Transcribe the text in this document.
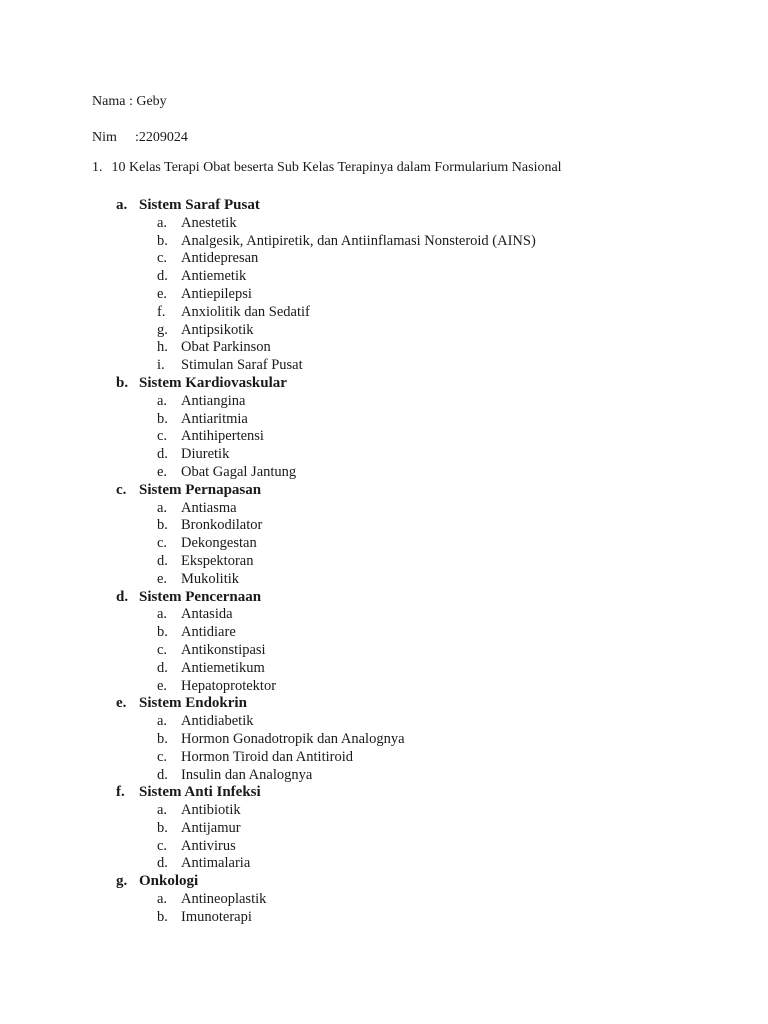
Nama : Geby
Nim :2209024
1. 10 Kelas Terapi Obat beserta Sub Kelas Terapinya dalam Formularium Nasional
a. Sistem Saraf Pusat
a. Anestetik
b. Analgesik, Antipiretik, dan Antiinflamasi Nonsteroid (AINS)
c. Antidepresan
d. Antiemetik
e. Antiepilepsi
f.	Anxiolitik dan Sedatif
g. Antipsikotik
h. Obat Parkinson
i.	Stimulan Saraf Pusat
b. Sistem Kardiovaskular
a. Antiangina
b. Antiaritmia
c. Antihipertensi
d. Diuretik
e. Obat Gagal Jantung
c. Sistem Pernapasan
a. Antiasma
b. Bronkodilator
c. Dekongestan
d. Ekspektoran
e. Mukolitik
d. Sistem Pencernaan
a. Antasida
b. Antidiare
c. Antikonstipasi
d. Antiemetikum
e. Hepatoprotektor
e. Sistem Endokrin
a. Antidiabetik
b. Hormon Gonadotropik dan Analognya
c. Hormon Tiroid dan Antitiroid
d. Insulin dan Analognya
f. Sistem Anti Infeksi
a. Antibiotik
b. Antijamur
c. Antivirus
d. Antimalaria
g. Onkologi
a. Antineoplastik
b. Imunoterapi
